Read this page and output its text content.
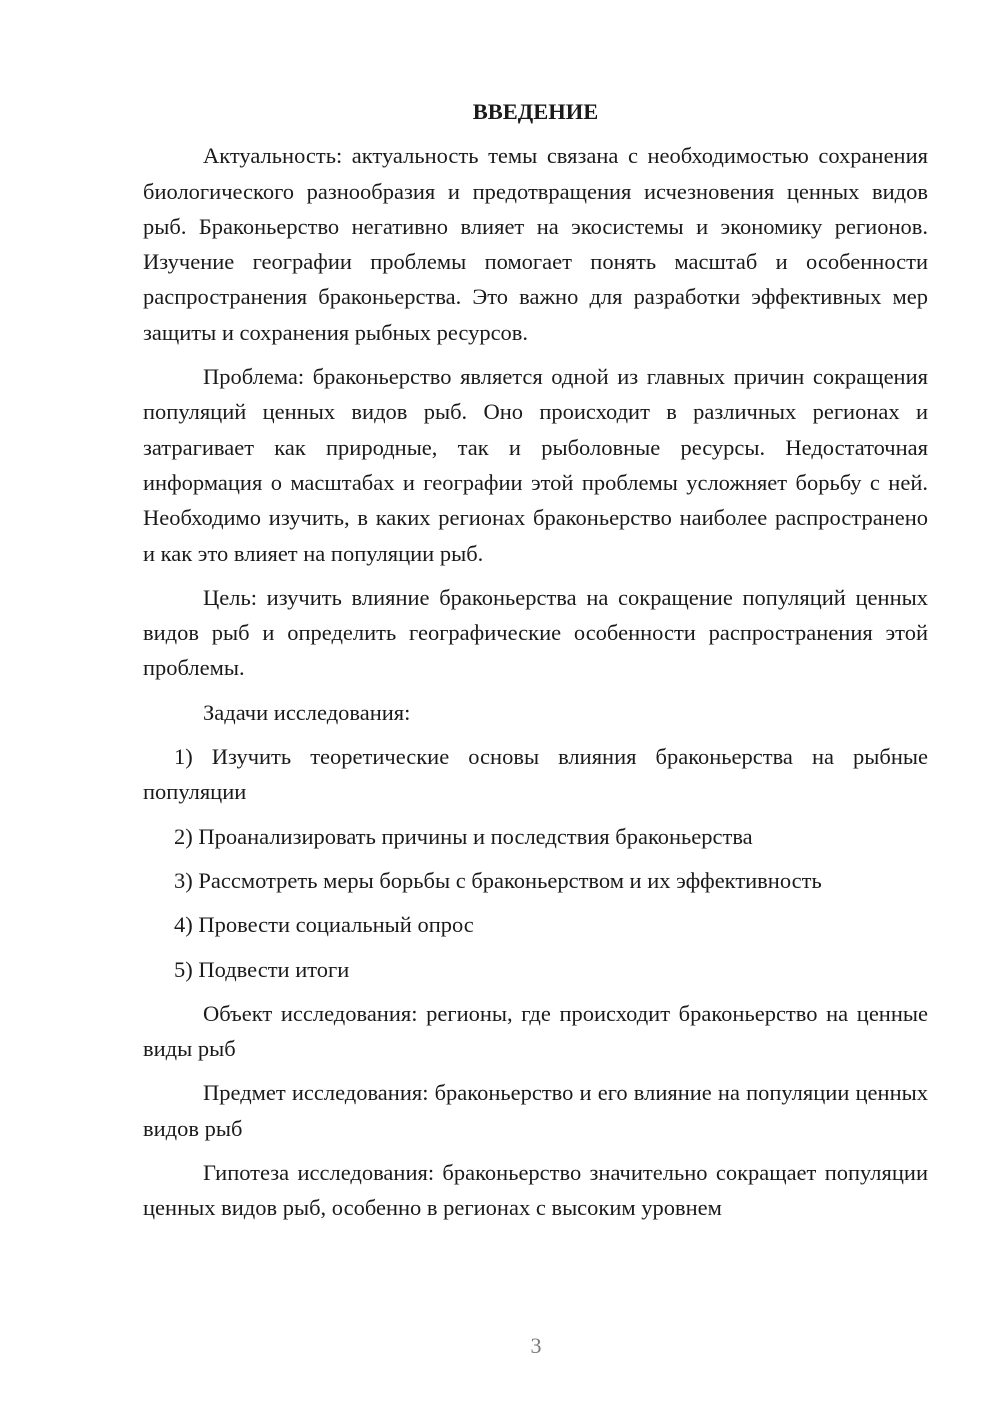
ВВЕДЕНИЕ

Актуальность: актуальность темы связана с необходимостью сохранения биологического разнообразия и предотвращения исчезновения ценных видов рыб. Браконьерство негативно влияет на экосистемы и экономику регионов. Изучение географии проблемы помогает понять масштаб и особенности распространения браконьерства. Это важно для разработки эффективных мер защиты и сохранения рыбных ресурсов.

Проблема: браконьерство является одной из главных причин сокращения популяций ценных видов рыб. Оно происходит в различных регионах и затрагивает как природные, так и рыболовные ресурсы. Недостаточная информация о масштабах и географии этой проблемы усложняет борьбу с ней. Необходимо изучить, в каких регионах браконьерство наиболее распространено и как это влияет на популяции рыб.

Цель: изучить влияние браконьерства на сокращение популяций ценных видов рыб и определить географические особенности распространения этой проблемы.

Задачи исследования:

1) Изучить теоретические основы влияния браконьерства на рыбные популяции

2) Проанализировать причины и последствия браконьерства

3) Рассмотреть меры борьбы с браконьерством и их эффективность

4) Провести социальный опрос

5) Подвести итоги

Объект исследования: регионы, где происходит браконьерство на ценные виды рыб

Предмет исследования: браконьерство и его влияние на популяции ценных видов рыб

Гипотеза исследования: браконьерство значительно сокращает популяции ценных видов рыб, особенно в регионах с высоким уровнем

3
